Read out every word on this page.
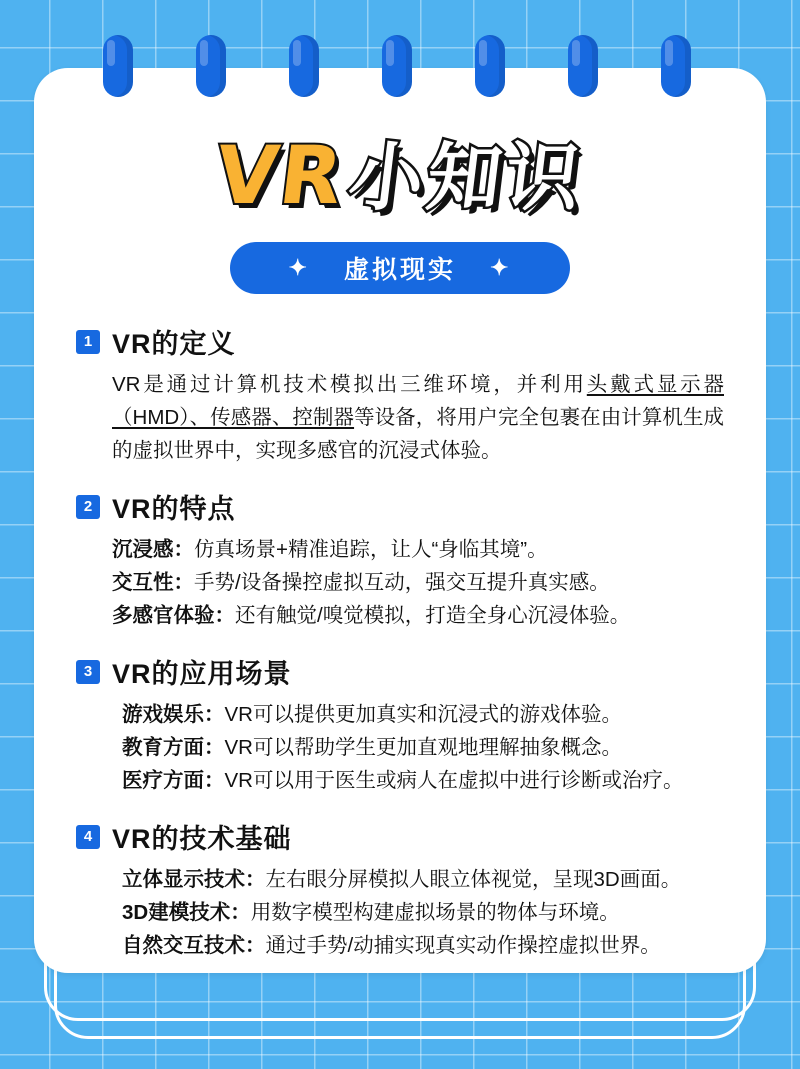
VR小知识
✦ 虚拟现实 ✦
1 VR的定义
VR是通过计算机技术模拟出三维环境，并利用头戴式显示器（HMD）、传感器、控制器等设备，将用户完全包裹在由计算机生成的虚拟世界中，实现多感官的沉浸式体验。
2 VR的特点
沉浸感：仿真场景+精准追踪，让人“身临其境”。
交互性：手势/设备操控虚拟互动，强交互提升真实感。
多感官体验：还有触觉/嗅觉模拟，打造全身心沉浸体验。
3 VR的应用场景
游戏娱乐：VR可以提供更加真实和沉浸式的游戏体验。
教育方面：VR可以帮助学生更加直观地理解抽象概念。
医疗方面：VR可以用于医生或病人在虚拟中进行诊断或治疗。
4 VR的技术基础
立体显示技术：左右眼分屏模拟人眼立体视觉，呈现3D画面。
3D建模技术：用数字模型构建虚拟场景的物体与环境。
自然交互技术：通过手势/动捕实现真实动作操控虚拟世界。
